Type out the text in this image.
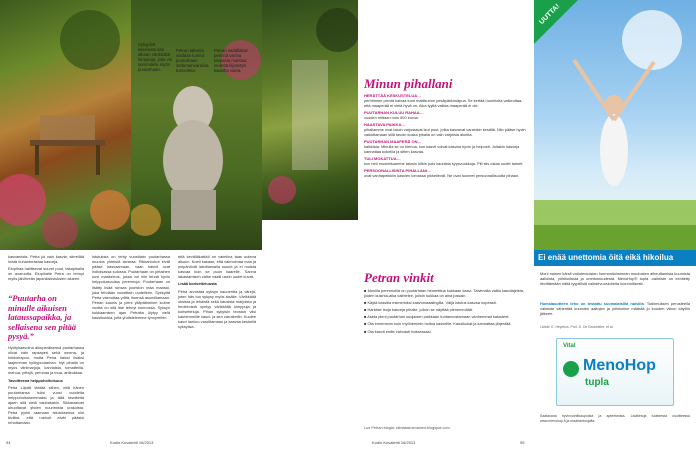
Sykypiirä kasvoista saa alkaan värikkäitä kimppuja, joita voi sommitella myös puutarhaan.
Petran talomiä voidaan luonut puutarhaan sattumanvaraisia tunnelmia.
Petran sadallakan perinnä vanha taspasta maistaa vedettä liljoitetyä kaunilta vaina.

kasvamista. Petra joi vain kasvia, siirrellää loistä huhantorastaa kasveja.

Etupihaa hallitsevat suuret puut, takapihalla on avaruutta. Etupihalle Petra on tehnyt myös jäivihreän japanilaisviuksien alueen.

“Puutarha on minulle aikuisen lataussapaikka, ja sellaisena sen pitää pysyä.”

Hyötyhaavoina alkuperäisessä puutarhassa olivat vain rapsaperi sekä omena- ja krikkonapuu, mutta Petra halusi lisäksi laajemman hyötypuutarhan. Nyt pihalla on myös viinimarjoja, karviaista, tomatteilla, mehua, yrttejä, perunaa ja mua- artikokkaa.

Tavoitteena helppohoitoisuus

Petra Liipää tähtää siihen, että hänen puutarhansa tulisi vuosi vuodelta helppohoitoisemmaksi ja tätä tavoitetta ajaen sitä vielä vaubasakin. Sikkarastuet uhuottavat yhden nuurimista urakoista. Petra pyrkii raamaan istutuksensa niin tiiviiksi, että rueholt eivät pääsisi rehottamaan.

Istutuksia on tehty vuosittain puutarhassa muutos yhteistä tavaraa. Rikkaruohot eivät pääse kasvaamaan, vaan kasvit ovat hoitoisassa sulussa. Puutarhaan on pirtainen uusi maakerros, jossa voi niin tehdä hyvin helppokasvuisia perennoja. Puutarhaan on lisätty lisää runsas juuriston maa maasto, joka tehdään vuosittain uudelleen. Sykkyttä Petra vaimuttaa yrttiä, itsensä asumillamaan. Petran kaunis ja pieni ylläpitäminen kolme vuotta on sitä itse tehnyt kunnossa. Syksyn kukkaamisen ajan Petralta löytyy vielä kausikukkia, joita yhdistelemme tynnyreihin.

että kevälläkatkkii on vaimiina taas uutena alkuun. Koeti kasaan, että vaimoimaa maa ja ympäröivät lahottamalla suuria ja ei muista kasvaa kuin se puun kaarelle. Sanna lakastamisen vaihe vaatii usein uudet kuvat.

Lisää korisetteluusta

Petra arvostaa syksyn kaunentta ja värejä, joten hän tuo sykysy myös sisälle. Värikkäitä oksista ja lehdistä sekä kausista marjoista ja hedelmistä syntyy värikkäitä kimppuja ja korisetteluja. Pihan sykyisin teoston viisi kaunemmille kasvi- ja sen varustetiin. Kuulee kasvi lankoo varoittamaan ja kasvaa keskellä syksyisia.

94	Kodin Kuvalehti 16/2013
Minun pihallani
HERÄTTÄÄ KESKUSTELUA…
perhtimme pientä kaivaa tuuri mattisurion pesäpäkkimäpua. Se kertää huomioita vaikeuttaa, että maaperää ei vielä hyvä on. Aika tyyliä vaikka maaperää ei ole.
PUUTARHAN KULUU RAHAA…
vuoden mittaan noin 500 euroa.
HAASTAVA PAIKKA…
pihallamme ovat taloin varjostavat isot puut, jotka kasvavat varsinkin kesällä. Niin pääse hyvin vaikuttamaan sillä tavoin koska pihalla on vain varjoisia alueita.
PUUTARHAN MAAPERÄ ON…
kalkkista. Minulla se on hienoa, kun kasvit voivat kasvaa hyvin ja helposti. Joitakin kasveja kannattaa kokeilla ja sitten kasvaa.
TULI MOKATTUA…
kun heti muutettuamme talosin kitkin pois kaunista syysvuokkoja. Piti siis ostaa uudet taimet.
PERSOONALLISINTA PIHALLANI…
ovat vanhapeikkiin kasvien lomassa pikkeilevät. Ne ovat tuoneet persoonallisuutta pihaan.
Petran vinkit

■ Monilla perennoilla on puutarhaan hemmittua kukkaan kasvi. Talvimalla valita kasvilajeista, joiden kukinta-aika vaihtelee, jolloin kukkaa on aina jossain.

■ Käytä kasvilla esimerkiksi kasvumaaalingilla. Väljä istutus kasvaa nopeasti.

■ Harkitse isoja kasveja pihalle, jolloin se näyttää pienemmältä.

■ Aseta pieni puutarhan suojaisen paikkaan tuotannostamaan vanhemmat kalusteet.

■ Ota ennemmin kuin myöhemmin hoitoa kasveille. Kausikukat ja kannattaa järjestää.

■ Ota kasvit esille vahvasti hoitaessasi.

Lue Petran blogia: silmistaimenainen.blogspot.com
Kodin Kuvalehti 16/2013	95
UUTTA!
Ei enää unettomia öitä eikä hikoilua
Moni nainen kärsii vaihdevuosien hormonitoiminnan muutosten aiheuttamista kuumista aalloista, yöhikoilusta ja unettomuudesta. MenoHop® tupla -valmiste on kehitetty lievittämään näitä tyypillisiä vaihdevuosioireita luonnollisesti.
Humalauutteen teho on testattu suomalaisilla naisilla. Tutkimuksen perusteella valmiste vähentää kuumien aaltojen ja yöhikoilun määrää jo kuuden viikon käytön jälkeen.
Lähde: E. Heyerick, Prof. D. De Keukeleire, et al.
Vital
MenoHop
tupla
Saatavana hyvinvointikaupoista ja apteekeista. Lisätietoja tuotteesta osoitteessa www.menohop.fi ja maahantuojalta.
